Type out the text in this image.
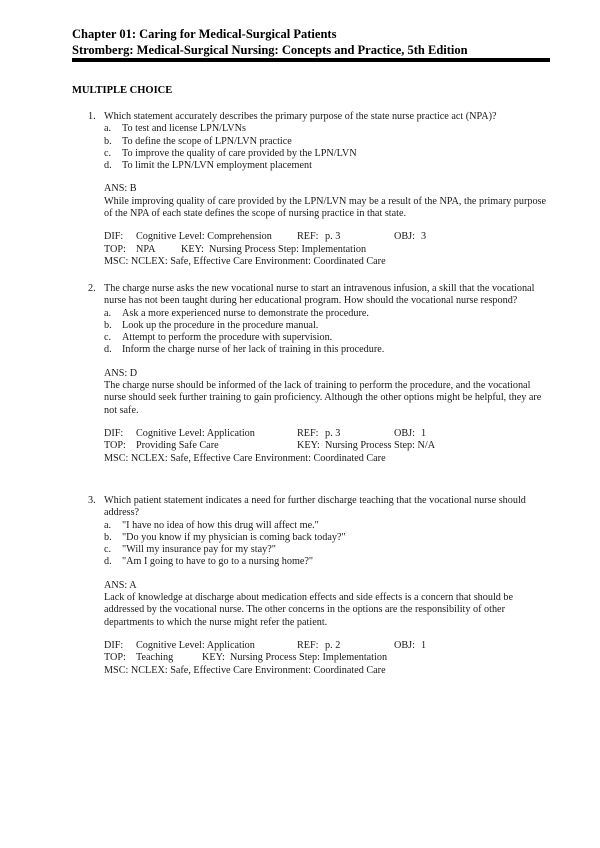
Chapter 01: Caring for Medical-Surgical Patients
Stromberg: Medical-Surgical Nursing: Concepts and Practice, 5th Edition
MULTIPLE CHOICE
1. Which statement accurately describes the primary purpose of the state nurse practice act (NPA)?

a.	To test and license LPN/LVNs
b.	To define the scope of LPN/LVN practice
c.	To improve the quality of care provided by the LPN/LVN
d.	To limit the LPN/LVN employment placement
ANS: B
While improving quality of care provided by the LPN/LVN may be a result of the NPA, the primary purpose of the NPA of each state defines the scope of nursing practice in that state.
DIF:	Cognitive Level: Comprehension	REF: p. 3	OBJ: 3
TOP: NPA	KEY: Nursing Process Step: Implementation
MSC: NCLEX: Safe, Effective Care Environment: Coordinated Care
2. The charge nurse asks the new vocational nurse to start an intravenous infusion, a skill that the vocational nurse has not been taught during her educational program. How should the vocational nurse respond?

a.	Ask a more experienced nurse to demonstrate the procedure.
b.	Look up the procedure in the procedure manual.
c.	Attempt to perform the procedure with supervision.
d.	Inform the charge nurse of her lack of training in this procedure.
ANS: D
The charge nurse should be informed of the lack of training to perform the procedure, and the vocational nurse should seek further training to gain proficiency. Although the other options might be helpful, they are not safe.
DIF:	Cognitive Level: Application	REF: p. 3	OBJ: 1
TOP: Providing Safe Care	KEY: Nursing Process Step: N/A
MSC: NCLEX: Safe, Effective Care Environment: Coordinated Care
3. Which patient statement indicates a need for further discharge teaching that the vocational nurse should address?

a.	"I have no idea of how this drug will affect me."
b.	"Do you know if my physician is coming back today?"
c.	"Will my insurance pay for my stay?"
d.	"Am I going to have to go to a nursing home?"
ANS: A
Lack of knowledge at discharge about medication effects and side effects is a concern that should be addressed by the vocational nurse. The other concerns in the options are the responsibility of other departments to which the nurse might refer the patient.
DIF:	Cognitive Level: Application	REF: p. 2	OBJ: 1
TOP: Teaching	KEY: Nursing Process Step: Implementation
MSC: NCLEX: Safe, Effective Care Environment: Coordinated Care
